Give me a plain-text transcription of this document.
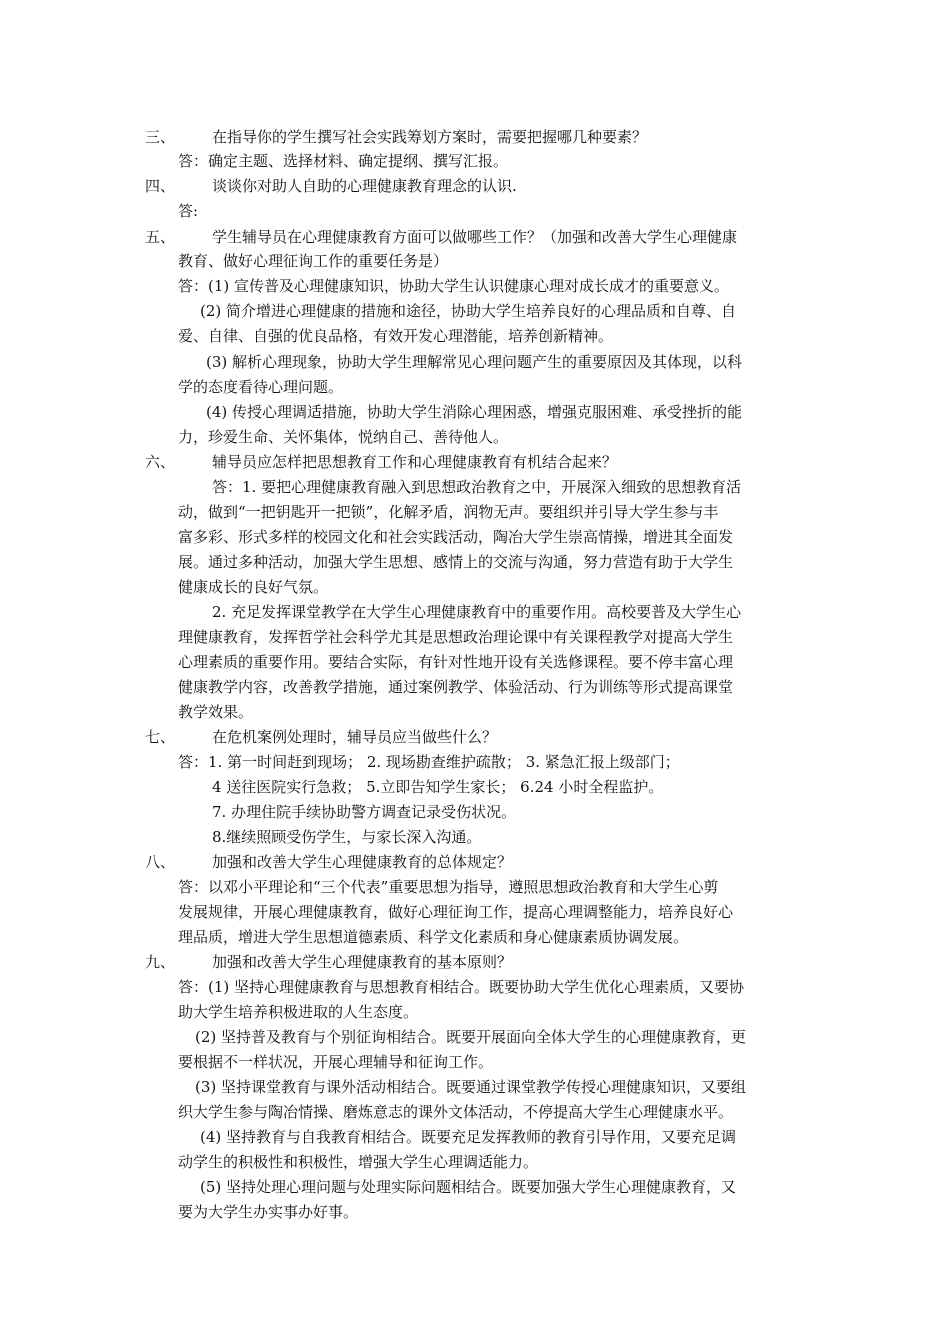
三、 在指导你的学生撰写社会实践筹划方案时，需要把握哪几种要素？
答：确定主题、选择材料、确定提纲、撰写汇报。
四、 谈谈你对助人自助的心理健康教育理念的认识.
答:
五、 学生辅导员在心理健康教育方面可以做哪些工作？（加强和改善大学生心理健康
教育、做好心理征询工作的重要任务是）
答：(1) 宣传普及心理健康知识，协助大学生认识健康心理对成长成才的重要意义。
(2) 简介增进心理健康的措施和途径，协助大学生培养良好的心理品质和自尊、自
爱、自律、自强的优良品格，有效开发心理潜能，培养创新精神。
(3) 解析心理现象，协助大学生理解常见心理问题产生的重要原因及其体现，以科
学的态度看待心理问题。
(4) 传授心理调适措施，协助大学生消除心理困惑，增强克服困难、承受挫折的能
力，珍爱生命、关怀集体，悦纳自己、善待他人。
六、 辅导员应怎样把思想教育工作和心理健康教育有机结合起来？
答：1. 要把心理健康教育融入到思想政治教育之中，开展深入细致的思想教育活
动，做到“一把钥匙开一把锁”，化解矛盾，润物无声。要组织并引导大学生参与丰
富多彩、形式多样的校园文化和社会实践活动，陶冶大学生崇高情操，增进其全面发
展。通过多种活动，加强大学生思想、感情上的交流与沟通，努力营造有助于大学生
健康成长的良好气氛。
2. 充足发挥课堂教学在大学生心理健康教育中的重要作用。高校要普及大学生心
理健康教育，发挥哲学社会科学尤其是思想政治理论课中有关课程教学对提高大学生
心理素质的重要作用。要结合实际，有针对性地开设有关选修课程。要不停丰富心理
健康教学内容，改善教学措施，通过案例教学、体验活动、行为训练等形式提高课堂
教学效果。
七、 在危机案例处理时，辅导员应当做些什么？
答：1. 第一时间赶到现场； 2. 现场勘查维护疏散； 3. 紧急汇报上级部门；
4 送往医院实行急救； 5.立即告知学生家长； 6.24 小时全程监护。
7. 办理住院手续协助警方调查记录受伤状况。
8.继续照顾受伤学生，与家长深入沟通。
八、 加强和改善大学生心理健康教育的总体规定？
答：以邓小平理论和“三个代表”重要思想为指导，遵照思想政治教育和大学生心剪
发展规律，开展心理健康教育，做好心理征询工作，提高心理调整能力，培养良好心
理品质，增进大学生思想道德素质、科学文化素质和身心健康素质协调发展。
九、 加强和改善大学生心理健康教育的基本原则？
答：(1) 坚持心理健康教育与思想教育相结合。既要协助大学生优化心理素质，又要协
助大学生培养积极进取的人生态度。
(2) 坚持普及教育与个别征询相结合。既要开展面向全体大学生的心理健康教育，更
要根据不一样状况，开展心理辅导和征询工作。
(3) 坚持课堂教育与课外活动相结合。既要通过课堂教学传授心理健康知识，又要组
织大学生参与陶冶情操、磨炼意志的课外文体活动，不停提高大学生心理健康水平。
(4) 坚持教育与自我教育相结合。既要充足发挥教师的教育引导作用，又要充足调
动学生的积极性和积极性，增强大学生心理调适能力。
(5) 坚持处理心理问题与处理实际问题相结合。既要加强大学生心理健康教育，又
要为大学生办实事办好事。
